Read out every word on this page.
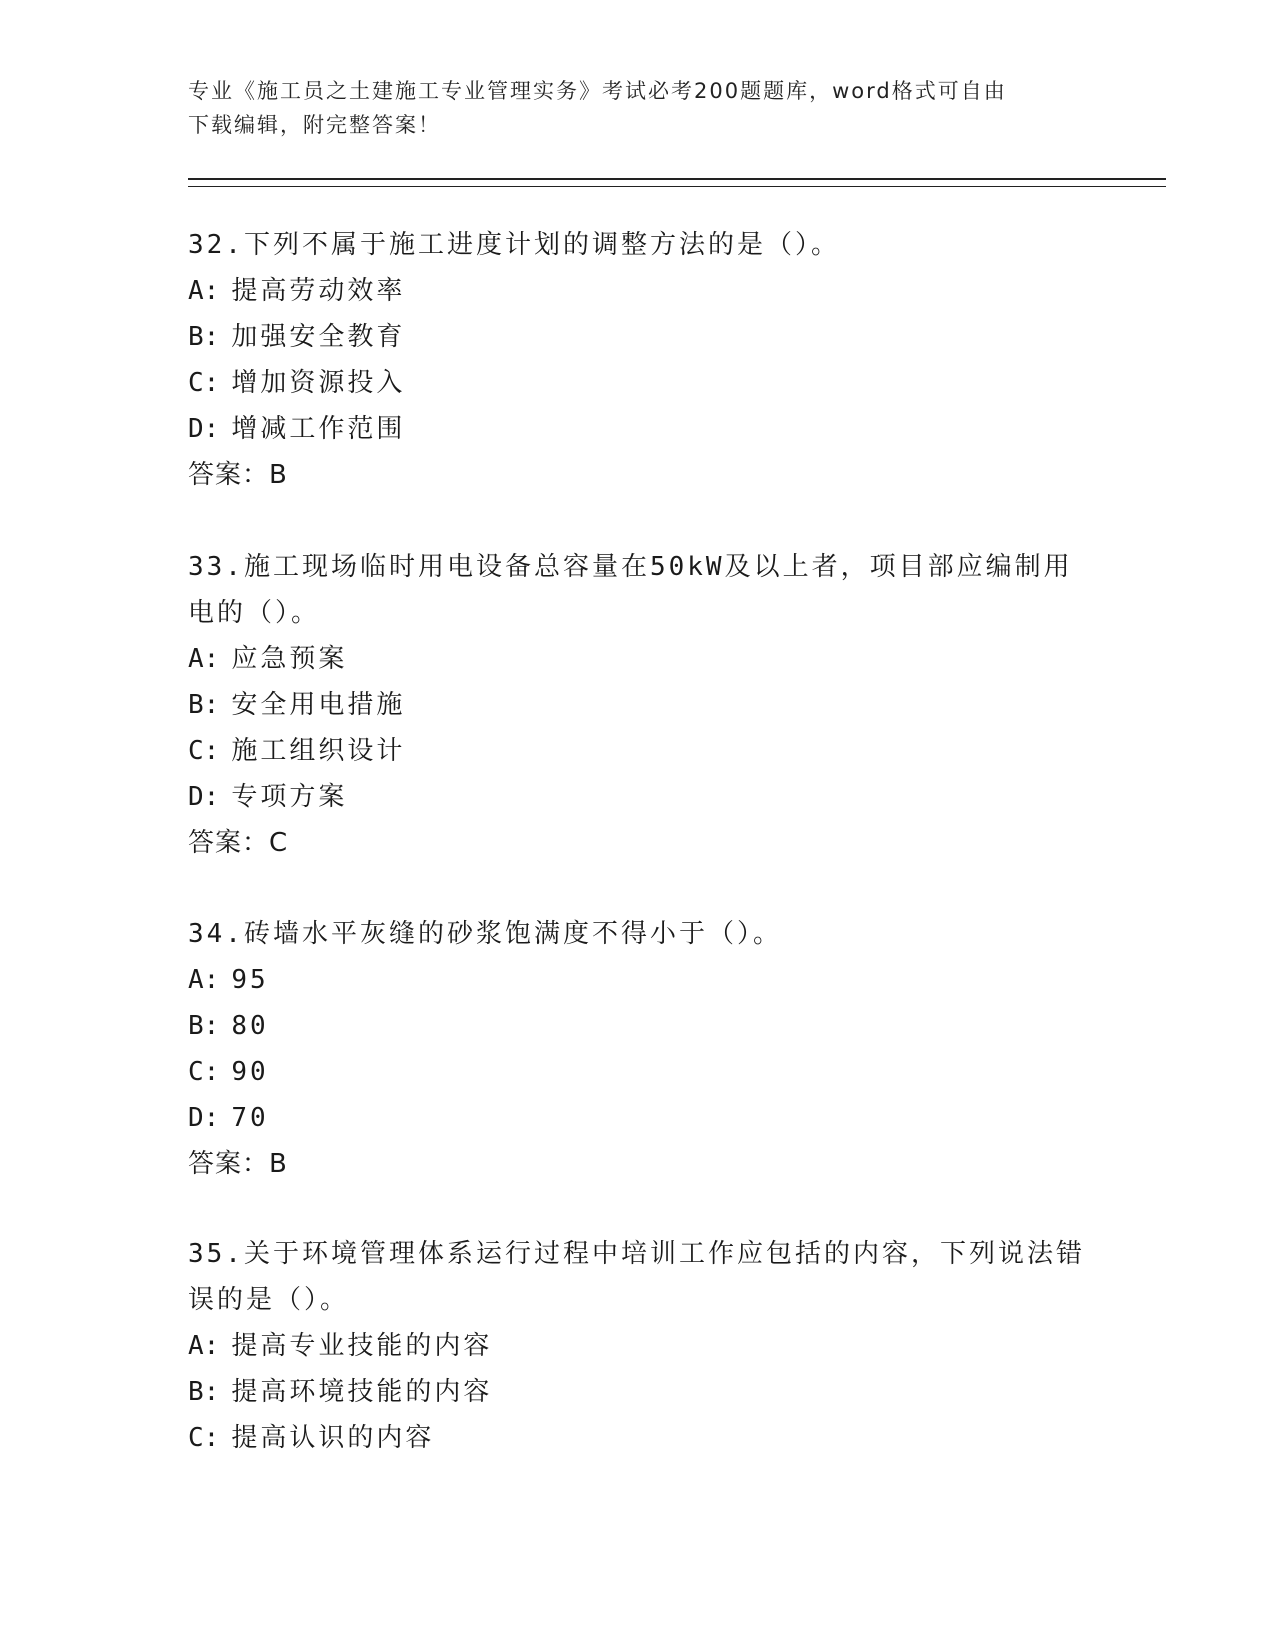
专业《施工员之土建施工专业管理实务》考试必考200题题库，word格式可自由
下载编辑，附完整答案！

32.下列不属于施工进度计划的调整方法的是（）。

A: 提高劳动效率

B: 加强安全教育

C: 增加资源投入

D: 增减工作范围

答案：B

33.施工现场临时用电设备总容量在50kW及以上者，项目部应编制用

电的（）。

A: 应急预案

B: 安全用电措施

C: 施工组织设计

D: 专项方案

答案：C

34.砖墙水平灰缝的砂浆饱满度不得小于（）。

A: 95

B: 80

C: 90

D: 70

答案：B

35.关于环境管理体系运行过程中培训工作应包括的内容，下列说法错

误的是（）。

A: 提高专业技能的内容

B: 提高环境技能的内容

C: 提高认识的内容
